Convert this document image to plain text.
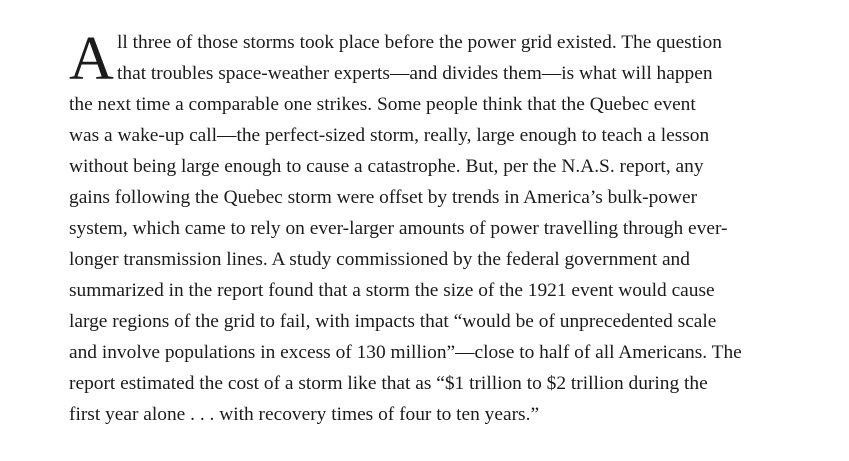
A ll three of those storms took place before the power grid existed. The question
that troubles space-weather experts—and divides them—is what will happen
the next time a comparable one strikes. Some people think that the Quebec event
was a wake-up call—the perfect-sized storm, really, large enough to teach a lesson
without being large enough to cause a catastrophe. But, per the N.A.S. report, any
gains following the Quebec storm were offset by trends in America’s bulk-power
system, which came to rely on ever-larger amounts of power travelling through ever-
longer transmission lines. A study commissioned by the federal government and
summarized in the report found that a storm the size of the 1921 event would cause
large regions of the grid to fail, with impacts that “would be of unprecedented scale
and involve populations in excess of 130 million”—close to half of all Americans. The
report estimated the cost of a storm like that as “$1 trillion to $2 trillion during the
first year alone . . . with recovery times of four to ten years.”
